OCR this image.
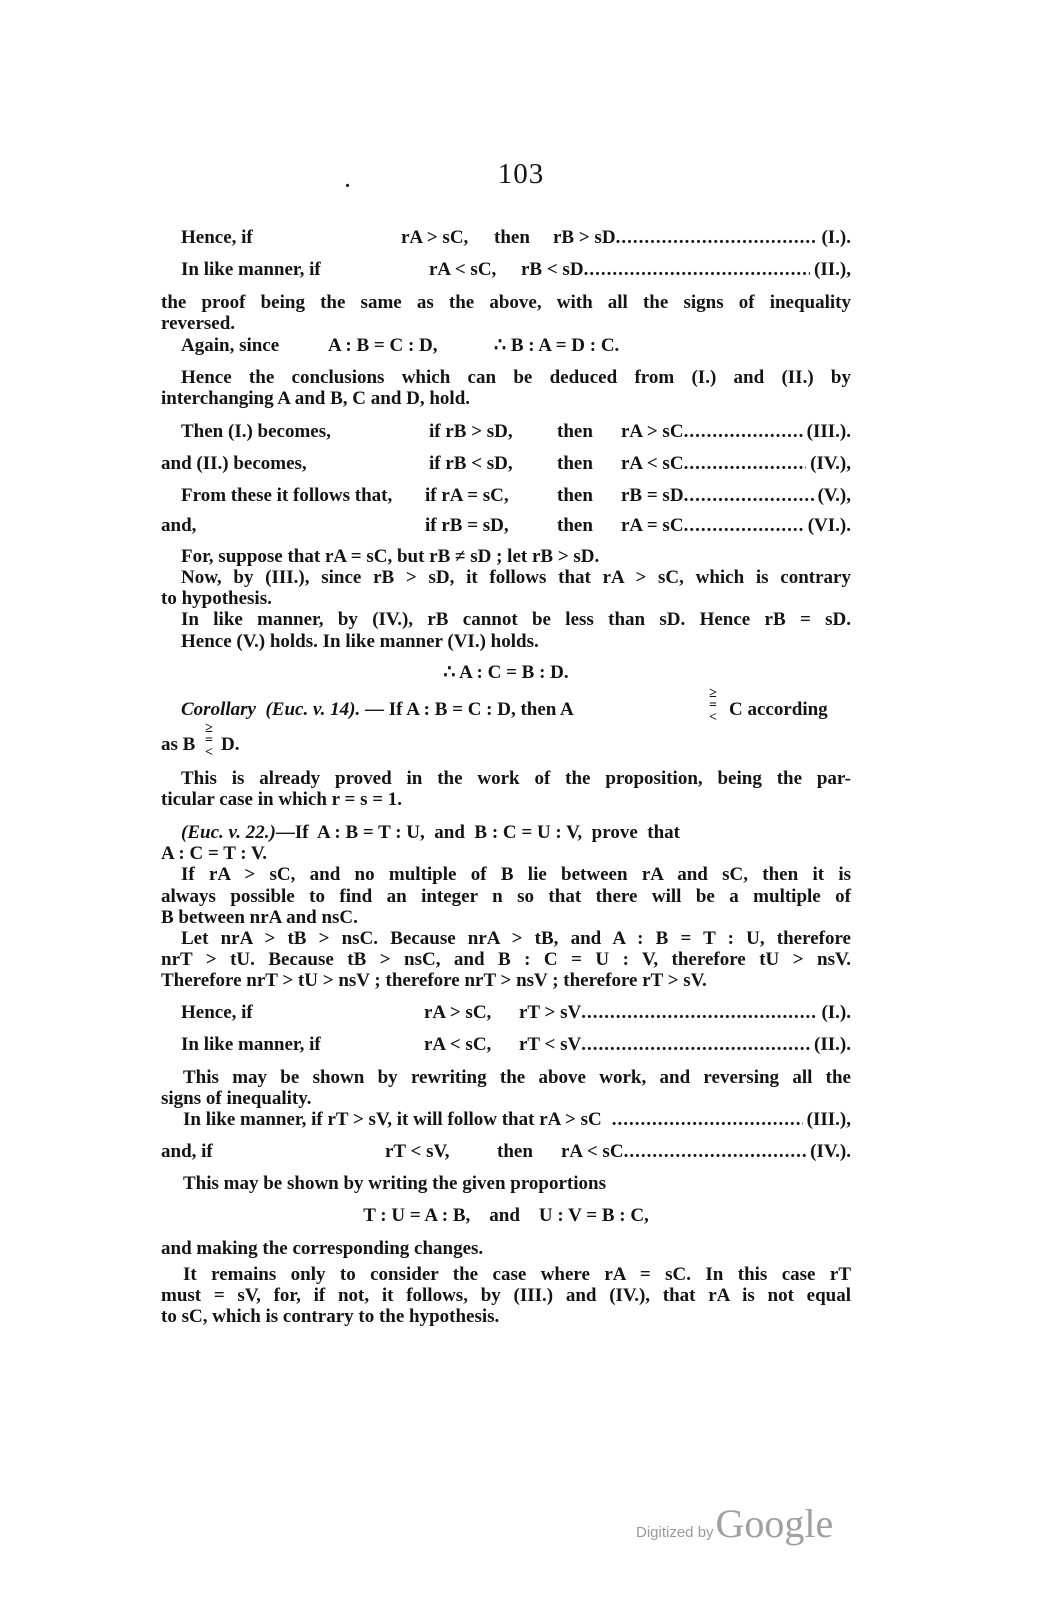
103
.
Hence, if	rA > sC, then rB > sD .....	(I.).
In like manner, if	rA < sC, rB < sD .....	(II.),
the proof being the same as the above, with all the signs of inequality
reversed.
Again, since	A : B = C : D,	∴ B : A = D : C.
Hence the conclusions which can be deduced from (I.) and (II.) by
interchanging A and B, C and D, hold.
Then (I.) becomes,	if rB > sD, then rA > sC .....	(III.).
and (II.) becomes,	if rB < sD, then rA < sC .....	(IV.),
From these it follows that, if rA = sC,	then rB = sD .....	(V.),
and,	if rB = sD,	then rA = sC .....	(VI.).
For, suppose that rA = sC, but rB ≠ sD ; let rB > sD.
Now, by (III.), since rB > sD, it follows that rA > sC, which is contrary
to hypothesis.
In like manner, by (IV.), rB cannot be less than sD. Hence rB = sD.
Hence (V.) holds. In like manner (VI.) holds.
∴ A : C = B : D.
Corollary (Euc. v. 14). — If A : B = C : D, then A
≥
=
< C according
as B
≥
=
< D.
This is already proved in the work of the proposition, being the par-
ticular case in which r = s = 1.
(Euc. v. 22.)—If  A : B = T : U,  and  B : C = U : V,  prove  that
A : C = T : V.
If rA > sC, and no multiple of B lie between rA and sC, then it is
always possible to find an integer n so that there will be a multiple of
B between nrA and nsC.
Let nrA > tB > nsC. Because nrA > tB, and A : B = T : U, therefore
nrT > tU. Because tB > nsC, and B : C = U : V, therefore tU > nsV.
Therefore nrT > tU > nsV ; therefore nrT > nsV ; therefore rT > sV.
Hence, if	rA > sC, rT > sV .....	(I.).
In like manner, if	rA < sC, rT < sV .....	(II.).
This may be shown by rewriting the above work, and reversing all the
signs of inequality.
In like manner, if rT > sV, it will follow that rA > sC .....	(III.),
and, if	rT < sV, then rA < sC .....	(IV.).
This may be shown by writing the given proportions
T : U = A : B,    and    U : V = B : C,
and making the corresponding changes.
It remains only to consider the case where rA = sC. In this case rT
must = sV, for, if not, it follows, by (III.) and (IV.), that rA is not equal
to sC, which is contrary to the hypothesis.
Digitized byGoogle
